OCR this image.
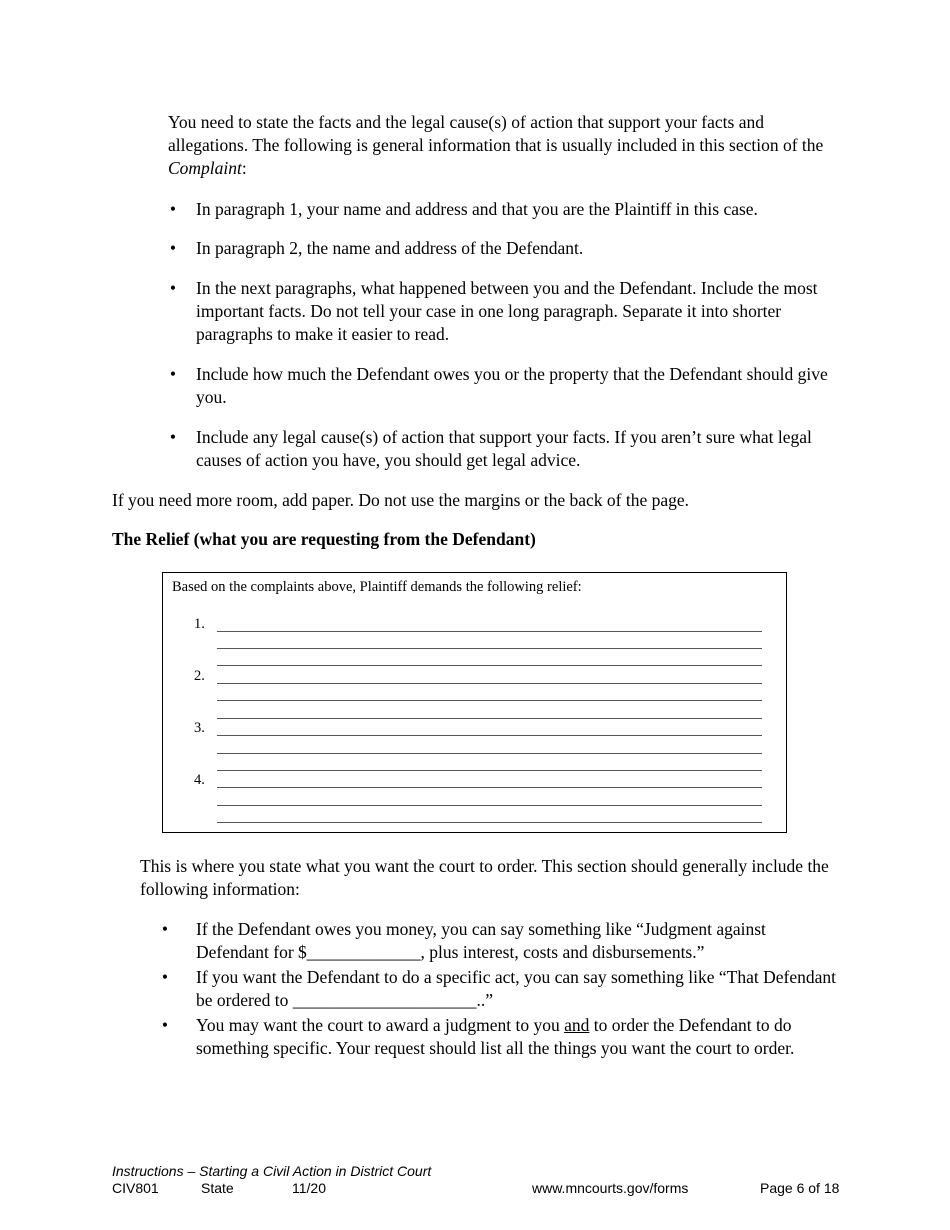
You need to state the facts and the legal cause(s) of action that support your facts and allegations. The following is general information that is usually included in this section of the Complaint:

• In paragraph 1, your name and address and that you are the Plaintiff in this case.
• In paragraph 2, the name and address of the Defendant.
• In the next paragraphs, what happened between you and the Defendant. Include the most important facts. Do not tell your case in one long paragraph. Separate it into shorter paragraphs to make it easier to read.
• Include how much the Defendant owes you or the property that the Defendant should give you.
• Include any legal cause(s) of action that support your facts. If you aren’t sure what legal causes of action you have, you should get legal advice.

If you need more room, add paper. Do not use the margins or the back of the page.

The Relief (what you are requesting from the Defendant)
Based on the complaints above, Plaintiff demands the following relief:
1.
2.
3.
4.

This is where you state what you want the court to order. This section should generally include the following information:

• If the Defendant owes you money, you can say something like “Judgment against Defendant for $_____________, plus interest, costs and disbursements.”
• If you want the Defendant to do a specific act, you can say something like “That Defendant be ordered to _____________________..”
• You may want the court to award a judgment to you and to order the Defendant to do something specific. Your request should list all the things you want the court to order.
Instructions – Starting a Civil Action in District Court
CIV801	State	11/20	www.mncourts.gov/forms	Page 6 of 18
